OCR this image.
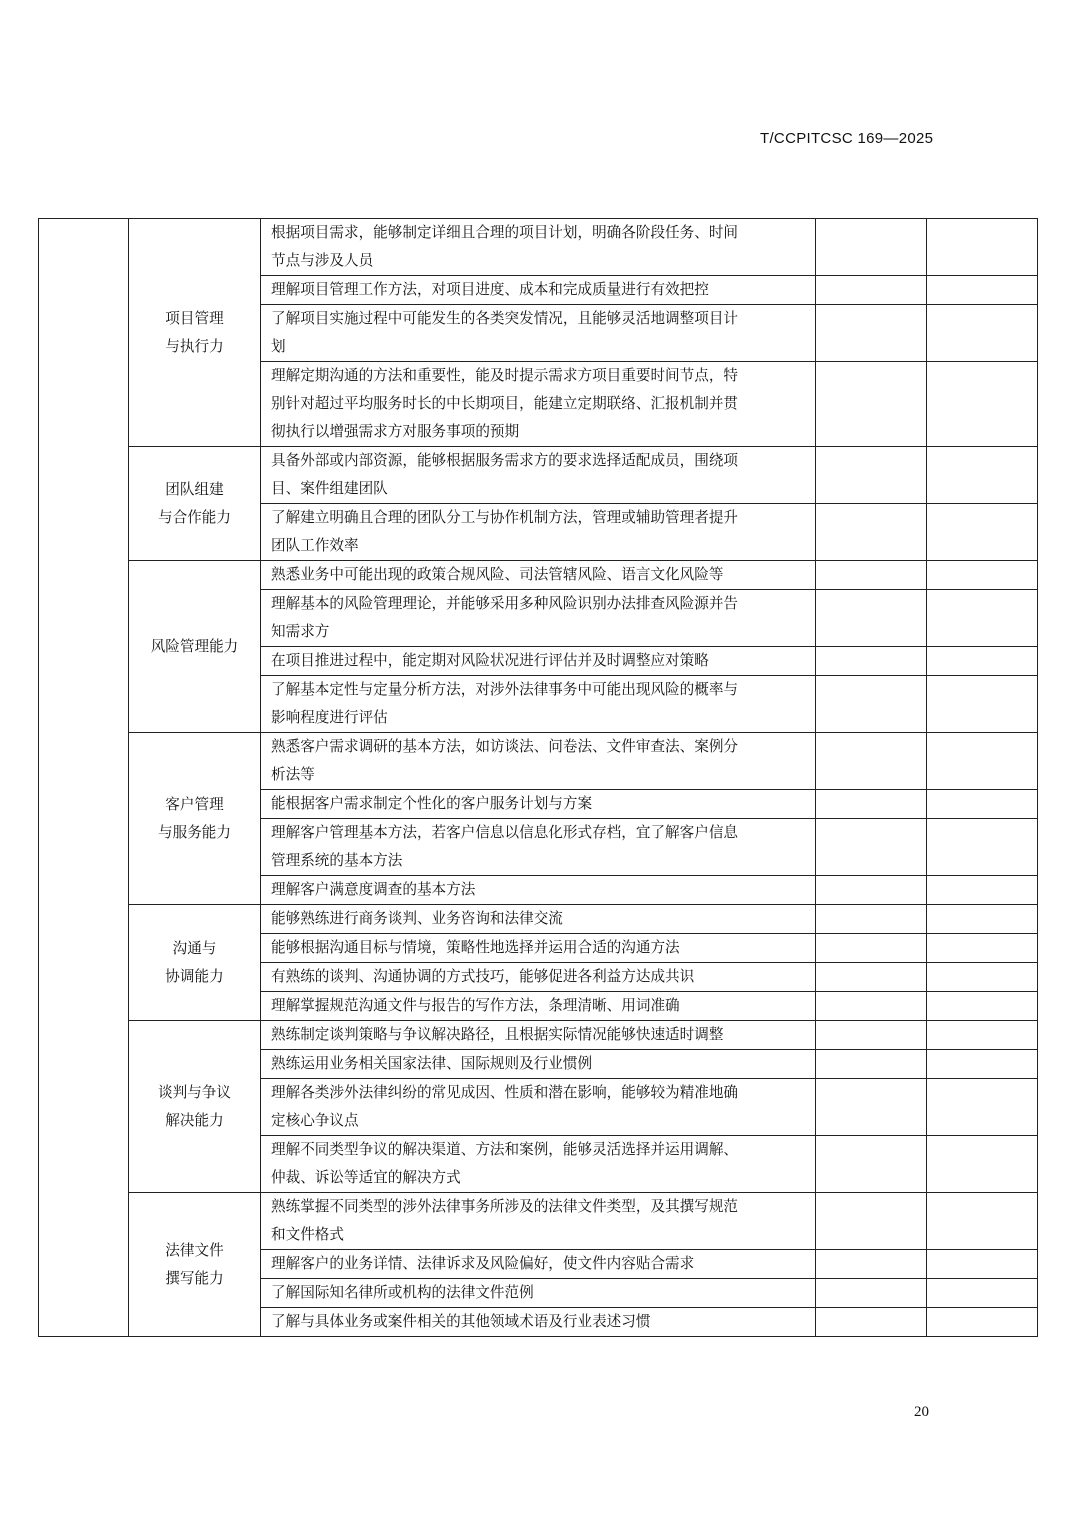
T/CCPITCSC 169—2025

	项目管理
与执行力	根据项目需求，能够制定详细且合理的项目计划，明确各阶段任务、时间
节点与涉及人员		

		理解项目管理工作方法，对项目进度、成本和完成质量进行有效把控		

		了解项目实施过程中可能发生的各类突发情况，且能够灵活地调整项目计
划		

		理解定期沟通的方法和重要性，能及时提示需求方项目重要时间节点，特
别针对超过平均服务时长的中长期项目，能建立定期联络、汇报机制并贯
彻执行以增强需求方对服务事项的预期		

	团队组建
与合作能力	具备外部或内部资源，能够根据服务需求方的要求选择适配成员，围绕项
目、案件组建团队		

		了解建立明确且合理的团队分工与协作机制方法，管理或辅助管理者提升
团队工作效率		

	风险管理能力	熟悉业务中可能出现的政策合规风险、司法管辖风险、语言文化风险等		

		理解基本的风险管理理论，并能够采用多种风险识别办法排查风险源并告
知需求方		

		在项目推进过程中，能定期对风险状况进行评估并及时调整应对策略		

		了解基本定性与定量分析方法，对涉外法律事务中可能出现风险的概率与
影响程度进行评估		

	客户管理
与服务能力	熟悉客户需求调研的基本方法，如访谈法、问卷法、文件审查法、案例分
析法等		

		能根据客户需求制定个性化的客户服务计划与方案		

		理解客户管理基本方法，若客户信息以信息化形式存档，宜了解客户信息
管理系统的基本方法		

		理解客户满意度调查的基本方法		

	沟通与
协调能力	能够熟练进行商务谈判、业务咨询和法律交流		

		能够根据沟通目标与情境，策略性地选择并运用合适的沟通方法		

		有熟练的谈判、沟通协调的方式技巧，能够促进各利益方达成共识		

		理解掌握规范沟通文件与报告的写作方法，条理清晰、用词准确		

	谈判与争议
解决能力	熟练制定谈判策略与争议解决路径，且根据实际情况能够快速适时调整		

		熟练运用业务相关国家法律、国际规则及行业惯例		

		理解各类涉外法律纠纷的常见成因、性质和潜在影响，能够较为精准地确
定核心争议点		

		理解不同类型争议的解决渠道、方法和案例，能够灵活选择并运用调解、
仲裁、诉讼等适宜的解决方式		

	法律文件
撰写能力	熟练掌握不同类型的涉外法律事务所涉及的法律文件类型，及其撰写规范
和文件格式		

		理解客户的业务详情、法律诉求及风险偏好，使文件内容贴合需求		

		了解国际知名律所或机构的法律文件范例		

		了解与具体业务或案件相关的其他领域术语及行业表述习惯		

20
